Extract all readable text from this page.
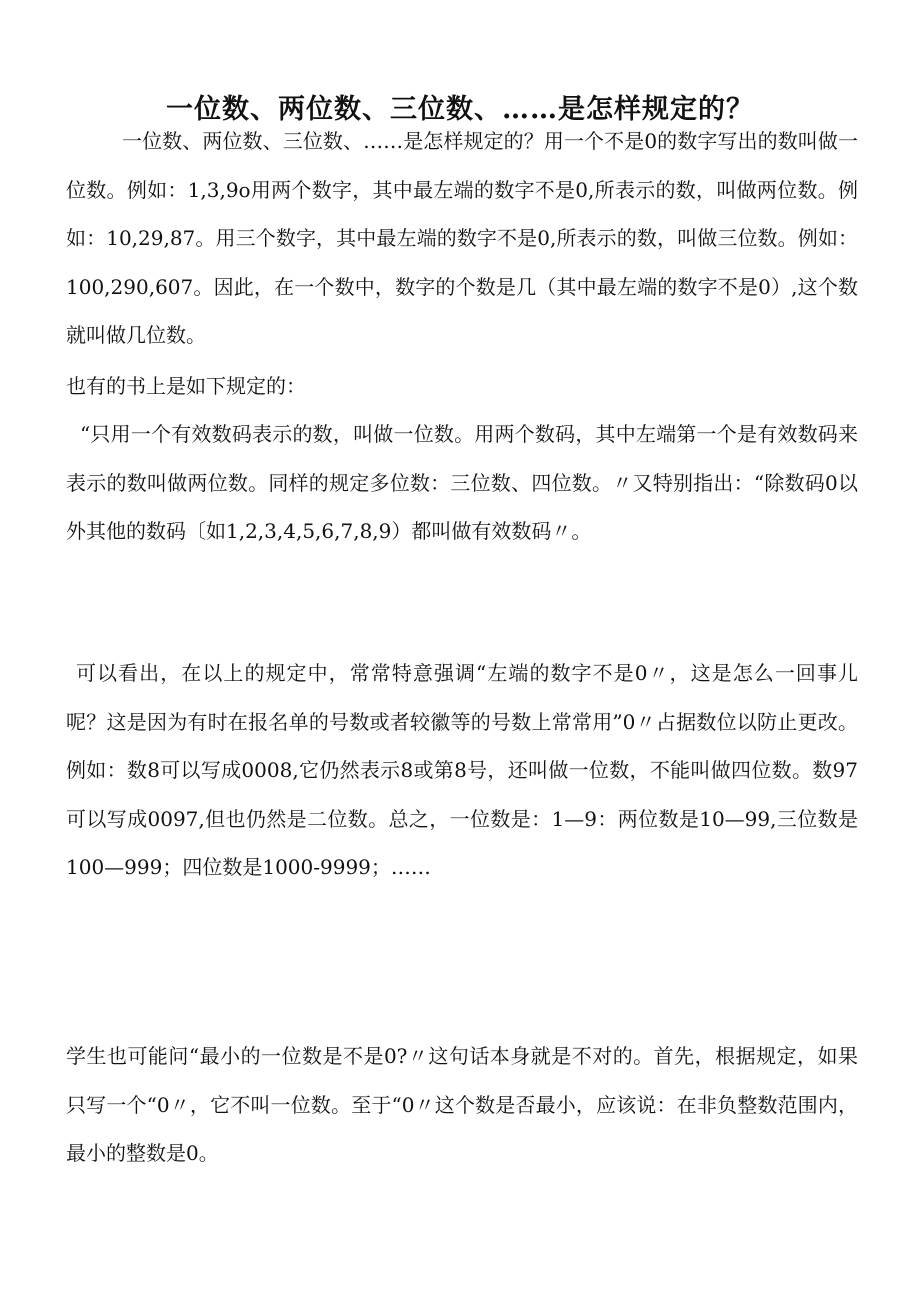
一位数、两位数、三位数、……是怎样规定的？

一位数、两位数、三位数、……是怎样规定的？用一个不是0的数字写出的数叫做一位数。例如：1,3,9o用两个数字，其中最左端的数字不是0,所表示的数，叫做两位数。例如：10,29,87。用三个数字，其中最左端的数字不是0,所表示的数，叫做三位数。例如：100,290,607。因此，在一个数中，数字的个数是几（其中最左端的数字不是0）,这个数就叫做几位数。

也有的书上是如下规定的：

“只用一个有效数码表示的数，叫做一位数。用两个数码，其中左端第一个是有效数码来表示的数叫做两位数。同样的规定多位数：三位数、四位数。〃又特别指出：“除数码0以外其他的数码〔如1,2,3,4,5,6,7,8,9）都叫做有效数码〃。

可以看出，在以上的规定中，常常特意强调“左端的数字不是0〃，这是怎么一回事儿呢？这是因为有时在报名单的号数或者较徽等的号数上常常用”0〃占据数位以防止更改。例如：数8可以写成0008,它仍然表示8或第8号，还叫做一位数，不能叫做四位数。数97可以写成0097,但也仍然是二位数。总之，一位数是：1—9：两位数是10—99,三位数是100—999；四位数是1000-9999；……

学生也可能问“最小的一位数是不是0?〃这句话本身就是不对的。首先，根据规定，如果只写一个“0〃，它不叫一位数。至于“0〃这个数是否最小，应该说：在非负整数范围内，最小的整数是0。
